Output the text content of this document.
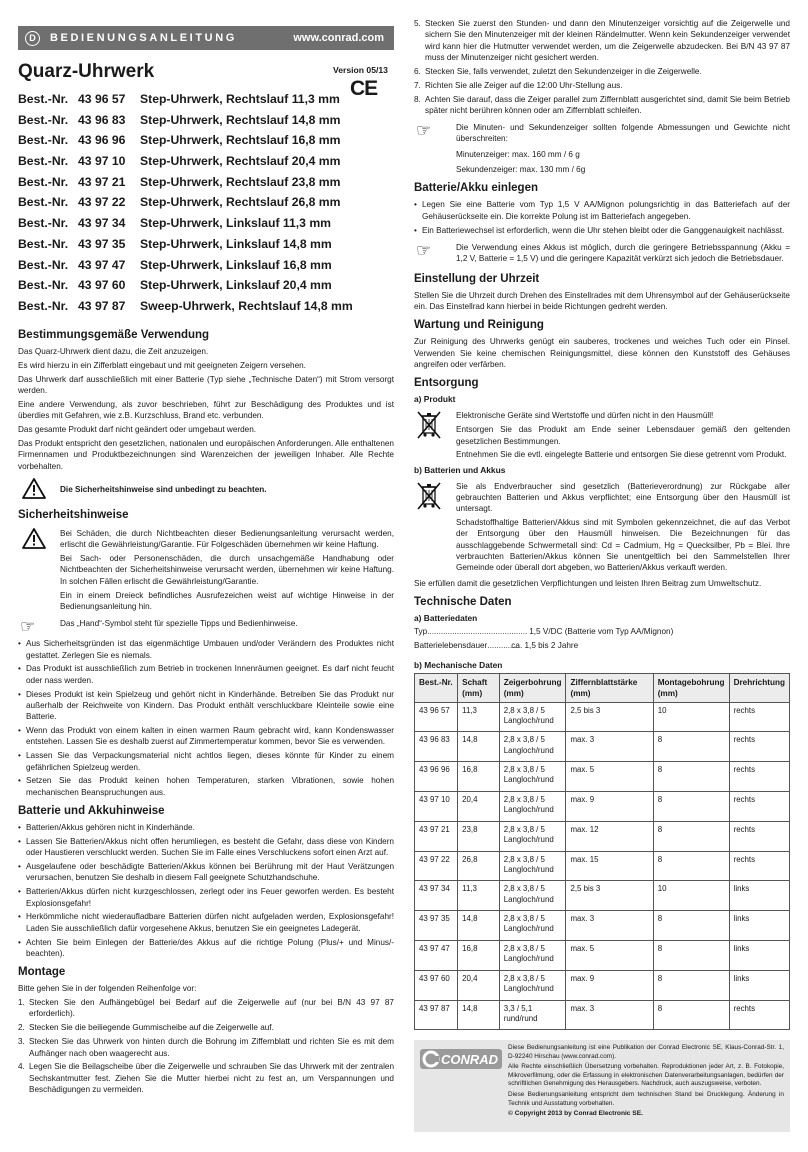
D	BEDIENUNGSANLEITUNG	www.conrad.com
Quarz-Uhrwerk	Version 05/13
CE
Best.-Nr. 43 96 57 Step-Uhrwerk, Rechtslauf 11,3 mm
Best.-Nr. 43 96 83 Step-Uhrwerk, Rechtslauf 14,8 mm
Best.-Nr. 43 96 96 Step-Uhrwerk, Rechtslauf 16,8 mm
Best.-Nr. 43 97 10 Step-Uhrwerk, Rechtslauf 20,4 mm
Best.-Nr. 43 97 21 Step-Uhrwerk, Rechtslauf 23,8 mm
Best.-Nr. 43 97 22 Step-Uhrwerk, Rechtslauf 26,8 mm
Best.-Nr. 43 97 34 Step-Uhrwerk, Linkslauf 11,3 mm
Best.-Nr. 43 97 35 Step-Uhrwerk, Linkslauf 14,8 mm
Best.-Nr. 43 97 47 Step-Uhrwerk, Linkslauf 16,8 mm
Best.-Nr. 43 97 60 Step-Uhrwerk, Linkslauf 20,4 mm
Best.-Nr. 43 97 87 Sweep-Uhrwerk, Rechtslauf 14,8 mm
Bestimmungsgemäße Verwendung
Das Quarz-Uhrwerk dient dazu, die Zeit anzuzeigen.
Es wird hierzu in ein Zifferblatt eingebaut und mit geeigneten Zeigern versehen.
Das Uhrwerk darf ausschließlich mit einer Batterie (Typ siehe „Technische Daten“) mit Strom versorgt werden.
Eine andere Verwendung, als zuvor beschrieben, führt zur Beschädigung des Produktes und ist überdies mit Gefahren, wie z.B. Kurzschluss, Brand etc. verbunden.
Das gesamte Produkt darf nicht geändert oder umgebaut werden.
Das Produkt entspricht den gesetzlichen, nationalen und europäischen Anforderungen. Alle enthaltenen Firmennamen und Produktbezeichnungen sind Warenzeichen der jeweiligen Inhaber. Alle Rechte vorbehalten.
Die Sicherheitshinweise sind unbedingt zu beachten.
Sicherheitshinweise
Bei Schäden, die durch Nichtbeachten dieser Bedienungsanleitung verursacht werden, erlischt die Gewährleistung/Garantie. Für Folgeschäden übernehmen wir keine Haftung.
Bei Sach- oder Personenschäden, die durch unsachgemäße Handhabung oder Nichtbeachten der Sicherheitshinweise verursacht werden, übernehmen wir keine Haftung. In solchen Fällen erlischt die Gewährleistung/Garantie.
Ein in einem Dreieck befindliches Ausrufezeichen weist auf wichtige Hinweise in der Bedienungsanleitung hin.
☞	Das „Hand“-Symbol steht für spezielle Tipps und Bedienhinweise.
• Aus Sicherheitsgründen ist das eigenmächtige Umbauen und/oder Verändern des Produktes nicht gestattet. Zerlegen Sie es niemals.
• Das Produkt ist ausschließlich zum Betrieb in trockenen Innenräumen geeignet. Es darf nicht feucht oder nass werden.
• Dieses Produkt ist kein Spielzeug und gehört nicht in Kinderhände. Betreiben Sie das Produkt nur außerhalb der Reichweite von Kindern. Das Produkt enthält verschluckbare Kleinteile sowie eine Batterie.
• Wenn das Produkt von einem kalten in einen warmen Raum gebracht wird, kann Kondenswasser entstehen. Lassen Sie es deshalb zuerst auf Zimmertemperatur kommen, bevor Sie es verwenden.
• Lassen Sie das Verpackungsmaterial nicht achtlos liegen, dieses könnte für Kinder zu einem gefährlichen Spielzeug werden.
• Setzen Sie das Produkt keinen hohen Temperaturen, starken Vibrationen, sowie hohen mechanischen Beanspruchungen aus.
Batterie und Akkuhinweise
• Batterien/Akkus gehören nicht in Kinderhände.
• Lassen Sie Batterien/Akkus nicht offen herumliegen, es besteht die Gefahr, dass diese von Kindern oder Haustieren verschluckt werden. Suchen Sie im Falle eines Verschluckens sofort einen Arzt auf.
• Ausgelaufene oder beschädigte Batterien/Akkus können bei Berührung mit der Haut Verätzungen verursachen, benutzen Sie deshalb in diesem Fall geeignete Schutzhandschuhe.
• Batterien/Akkus dürfen nicht kurzgeschlossen, zerlegt oder ins Feuer geworfen werden. Es besteht Explosionsgefahr!
• Herkömmliche nicht wiederaufladbare Batterien dürfen nicht aufgeladen werden, Explosionsgefahr! Laden Sie ausschließlich dafür vorgesehene Akkus, benutzen Sie ein geeignetes Ladegerät.
• Achten Sie beim Einlegen der Batterie/des Akkus auf die richtige Polung (Plus/+ und Minus/- beachten).
Montage
Bitte gehen Sie in der folgenden Reihenfolge vor:
1. Stecken Sie den Aufhängebügel bei Bedarf auf die Zeigerwelle auf (nur bei B/N 43 97 87 erforderlich).
2. Stecken Sie die beiliegende Gummischeibe auf die Zeigerwelle auf.
3. Stecken Sie das Uhrwerk von hinten durch die Bohrung im Ziffernblatt und richten Sie es mit dem Aufhänger nach oben waagerecht aus.
4. Legen Sie die Beilagscheibe über die Zeigerwelle und schrauben Sie das Uhrwerk mit der zentralen Sechskantmutter fest. Ziehen Sie die Mutter hierbei nicht zu fest an, um Verspannungen und Beschädigungen zu vermeiden.
5. Stecken Sie zuerst den Stunden- und dann den Minutenzeiger vorsichtig auf die Zeigerwelle und sichern Sie den Minutenzeiger mit der kleinen Rändelmutter. Wenn kein Sekundenzeiger verwendet wird kann hier die Hutmutter verwendet werden, um die Zeigerwelle abzudecken. Bei B/N 43 97 87 muss der Minutenzeiger nicht gesichert werden.
6. Stecken Sie, falls verwendet, zuletzt den Sekundenzeiger in die Zeigerwelle.
7. Richten Sie alle Zeiger auf die 12:00 Uhr-Stellung aus.
8. Achten Sie darauf, dass die Zeiger parallel zum Ziffernblatt ausgerichtet sind, damit Sie beim Betrieb später nicht berühren können oder am Ziffernblatt schleifen.
☞	Die Minuten- und Sekundenzeiger sollten folgende Abmessungen und Gewichte nicht überschreiten:
Minutenzeiger: max. 160 mm / 6 g
Sekundenzeiger: max. 130 mm / 6g
Batterie/Akku einlegen
• Legen Sie eine Batterie vom Typ 1,5 V AA/Mignon polungsrichtig in das Batteriefach auf der Gehäuserückseite ein. Die korrekte Polung ist im Batteriefach angegeben.
• Ein Batteriewechsel ist erforderlich, wenn die Uhr stehen bleibt oder die Ganggenauigkeit nachlässt.
☞	Die Verwendung eines Akkus ist möglich, durch die geringere Betriebsspannung (Akku = 1,2 V, Batterie = 1,5 V) und die geringere Kapazität verkürzt sich jedoch die Betriebsdauer.
Einstellung der Uhrzeit
Stellen Sie die Uhrzeit durch Drehen des Einstellrades mit dem Uhrensymbol auf der Gehäuserückseite ein. Das Einstellrad kann hierbei in beide Richtungen gedreht werden.
Wartung und Reinigung
Zur Reinigung des Uhrwerks genügt ein sauberes, trockenes und weiches Tuch oder ein Pinsel. Verwenden Sie keine chemischen Reinigungsmittel, diese können den Kunststoff des Gehäuses angreifen oder verfärben.
Entsorgung
a) Produkt
Elektronische Geräte sind Wertstoffe und dürfen nicht in den Hausmüll!
Entsorgen Sie das Produkt am Ende seiner Lebensdauer gemäß den geltenden gesetzlichen Bestimmungen.
Entnehmen Sie die evtl. eingelegte Batterie und entsorgen Sie diese getrennt vom Produkt.
b) Batterien und Akkus
Sie als Endverbraucher sind gesetzlich (Batterieverordnung) zur Rückgabe aller gebrauchten Batterien und Akkus verpflichtet; eine Entsorgung über den Hausmüll ist untersagt.
Schadstoffhaltige Batterien/Akkus sind mit Symbolen gekennzeichnet, die auf das Verbot der Entsorgung über den Hausmüll hinweisen. Die Bezeichnungen für das ausschlaggebende Schwermetall sind: Cd = Cadmium, Hg = Quecksilber, Pb = Blei. Ihre verbrauchten Batterien/Akkus können Sie unentgeltlich bei den Sammelstellen Ihrer Gemeinde oder überall dort abgeben, wo Batterien/Akkus verkauft werden.
Sie erfüllen damit die gesetzlichen Verpflichtungen und leisten Ihren Beitrag zum Umweltschutz.
Technische Daten
a) Batteriedaten
Typ ............................................ 1,5 V/DC (Batterie vom Typ AA/Mignon)
Batterielebensdauer ..............
ca. 1,5 bis 2 Jahre
b) Mechanische Daten
Best.-Nr.	Schaft (mm)	Zeigerbohrung (mm)	Ziffernblattstärke (mm)	Montagebohrung (mm)	Drehrichtung
43 96 57	11,3	2,8 x 3,8 / 5 Langloch/rund	2,5 bis 3	10	rechts
43 96 83	14,8	2,8 x 3,8 / 5 Langloch/rund	max. 3	8	rechts
43 96 96	16,8	2,8 x 3,8 / 5 Langloch/rund	max. 5	8	rechts
43 97 10	20,4	2,8 x 3,8 / 5 Langloch/rund	max. 9	8	rechts
43 97 21	23,8	2,8 x 3,8 / 5 Langloch/rund	max. 12	8	rechts
43 97 22	26,8	2,8 x 3,8 / 5 Langloch/rund	max. 15	8	rechts
43 97 34	11,3	2,8 x 3,8 / 5 Langloch/rund	2,5 bis 3	10	links
43 97 35	14,8	2,8 x 3,8 / 5 Langloch/rund	max. 3	8	links
43 97 47	16,8	2,8 x 3,8 / 5 Langloch/rund	max. 5	8	links
43 97 60	20,4	2,8 x 3,8 / 5 Langloch/rund	max. 9	8	links
43 97 87	14,8	3,3 / 5,1 rund/rund	max. 3	8	rechts
CONRAD
Diese Bedienungsanleitung ist eine Publikation der Conrad Electronic SE, Klaus-Conrad-Str. 1, D-92240 Hirschau (www.conrad.com).
Alle Rechte einschließlich Übersetzung vorbehalten. Reproduktionen jeder Art, z. B. Fotokopie, Mikroverfilmung, oder die Erfassung in elektronischen Datenverarbeitungsanlagen, bedürfen der schriftlichen Genehmigung des Herausgebers. Nachdruck, auch auszugsweise, verboten.
Diese Bedienungsanleitung entspricht dem technischen Stand bei Drucklegung. Änderung in Technik und Ausstattung vorbehalten.
© Copyright 2013 by Conrad Electronic SE.
